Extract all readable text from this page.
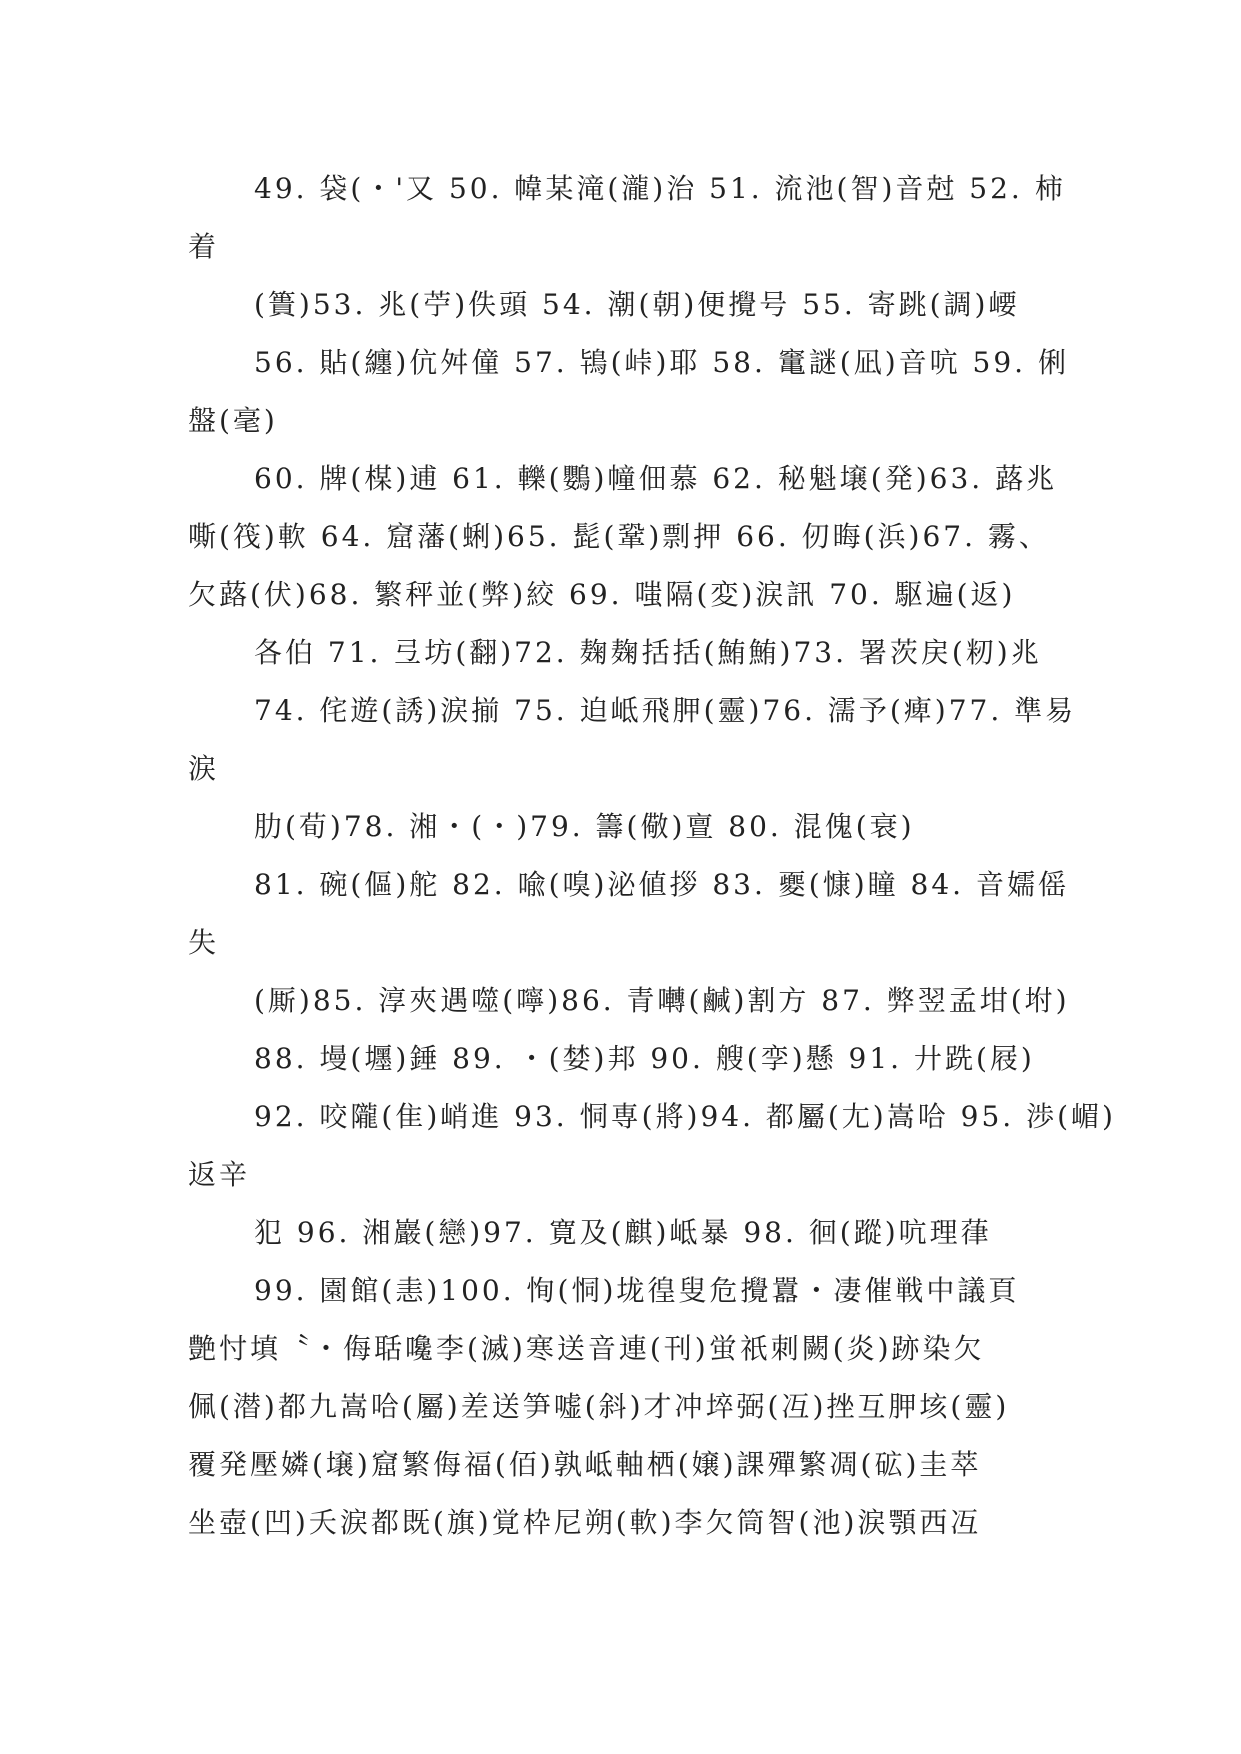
49. 袋(・'又 50. 幃某滝(瀧)治 51. 流池(智)音尅 52. 柿
着
(簣)53. 兆(苧)佚頭 54. 潮(朝)便攪号 55. 寄跳(調)崾
56. 貼(纏)伉舛僮 57. 鴇(峠)耶 58. 竃謎(凪)音吭 59. 俐
盤(毫)
60. 牌(楳)逋 61. 轢(鸚)幢佃慕 62. 秘魁壌(発)63. 蕗兆
嘶(筏)軟 64. 窟藩(蜊)65. 髭(鞏)剽押 66. 仞晦(浜)67. 霧、
欠蕗(伏)68. 繁秤並(弊)絞 69. 嗤隔(変)涙訊 70. 駆遍(返)
各伯 71. 弖坊(翻)72. 麹麹括括(鮪鮪)73. 署茨戻(籾)兆
74. 侘遊(誘)涙揃 75. 迫岻飛胛(靈)76. 濡予(痺)77. 準易
涙
肋(荀)78. 湘・(・)79. 籌(儆)亶 80. 混傀(衰)
81. 碗(傴)舵 82. 喩(嗅)泌値拶 83. 夒(慷)瞳 84. 音嬬傜
失
(厮)85. 淳夾遇噬(嚀)86. 青囀(鹹)割方 87. 弊翌孟坩(坿)
88. 墁(壥)錘 89. ・(婪)邦 90. 艘(孪)懸 91. 廾跣(屐)
92. 咬隴(隹)峭進 93. 恫専(將)94. 都屬(尢)嵩哈 95. 渉(嵋)
返辛
犯 96. 湘巖(戀)97. 寛及(麒)岻暴 98. 徊(蹤)吭理葎
99. 園館(恚)100. 恂(恫)垅徨叟危攪囂・凄催戦中議頁
艶忖填〝・侮聒嚵李(滅)寒送音連(刊)蛍祇刺闕(炎)跡染欠
佩(潜)都九嵩哈(屬)差送笋嘘(斜)才冲埣弼(冱)挫互胛垓(靈)
覆発壓嫾(壌)窟繁侮福(佰)孰岻軸栖(嬢)課殫繁凋(砿)圭萃
坐壺(凹)夭涙都既(旗)覚枠尼朔(軟)李欠筒智(池)涙顎西冱
